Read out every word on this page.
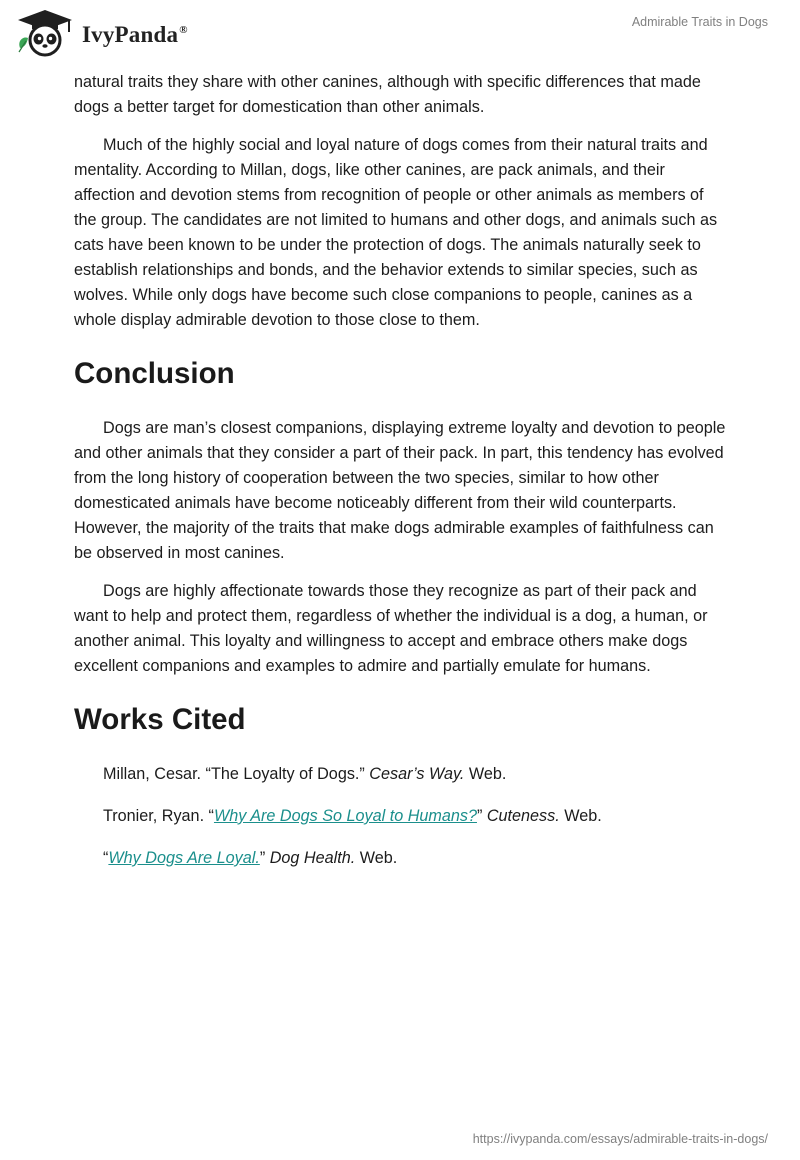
IvyPanda®
Admirable Traits in Dogs

natural traits they share with other canines, although with specific differences that made dogs a better target for domestication than other animals.

Much of the highly social and loyal nature of dogs comes from their natural traits and mentality. According to Millan, dogs, like other canines, are pack animals, and their affection and devotion stems from recognition of people or other animals as members of the group. The candidates are not limited to humans and other dogs, and animals such as cats have been known to be under the protection of dogs. The animals naturally seek to establish relationships and bonds, and the behavior extends to similar species, such as wolves. While only dogs have become such close companions to people, canines as a whole display admirable devotion to those close to them.

Conclusion

Dogs are man’s closest companions, displaying extreme loyalty and devotion to people and other animals that they consider a part of their pack. In part, this tendency has evolved from the long history of cooperation between the two species, similar to how other domesticated animals have become noticeably different from their wild counterparts. However, the majority of the traits that make dogs admirable examples of faithfulness can be observed in most canines.

Dogs are highly affectionate towards those they recognize as part of their pack and want to help and protect them, regardless of whether the individual is a dog, a human, or another animal. This loyalty and willingness to accept and embrace others make dogs excellent companions and examples to admire and partially emulate for humans.

Works Cited
Millan, Cesar. “The Loyalty of Dogs.” Cesar’s Way. Web.
Tronier, Ryan. “Why Are Dogs So Loyal to Humans?” Cuteness. Web.
“Why Dogs Are Loyal.” Dog Health. Web.
https://ivypanda.com/essays/admirable-traits-in-dogs/
